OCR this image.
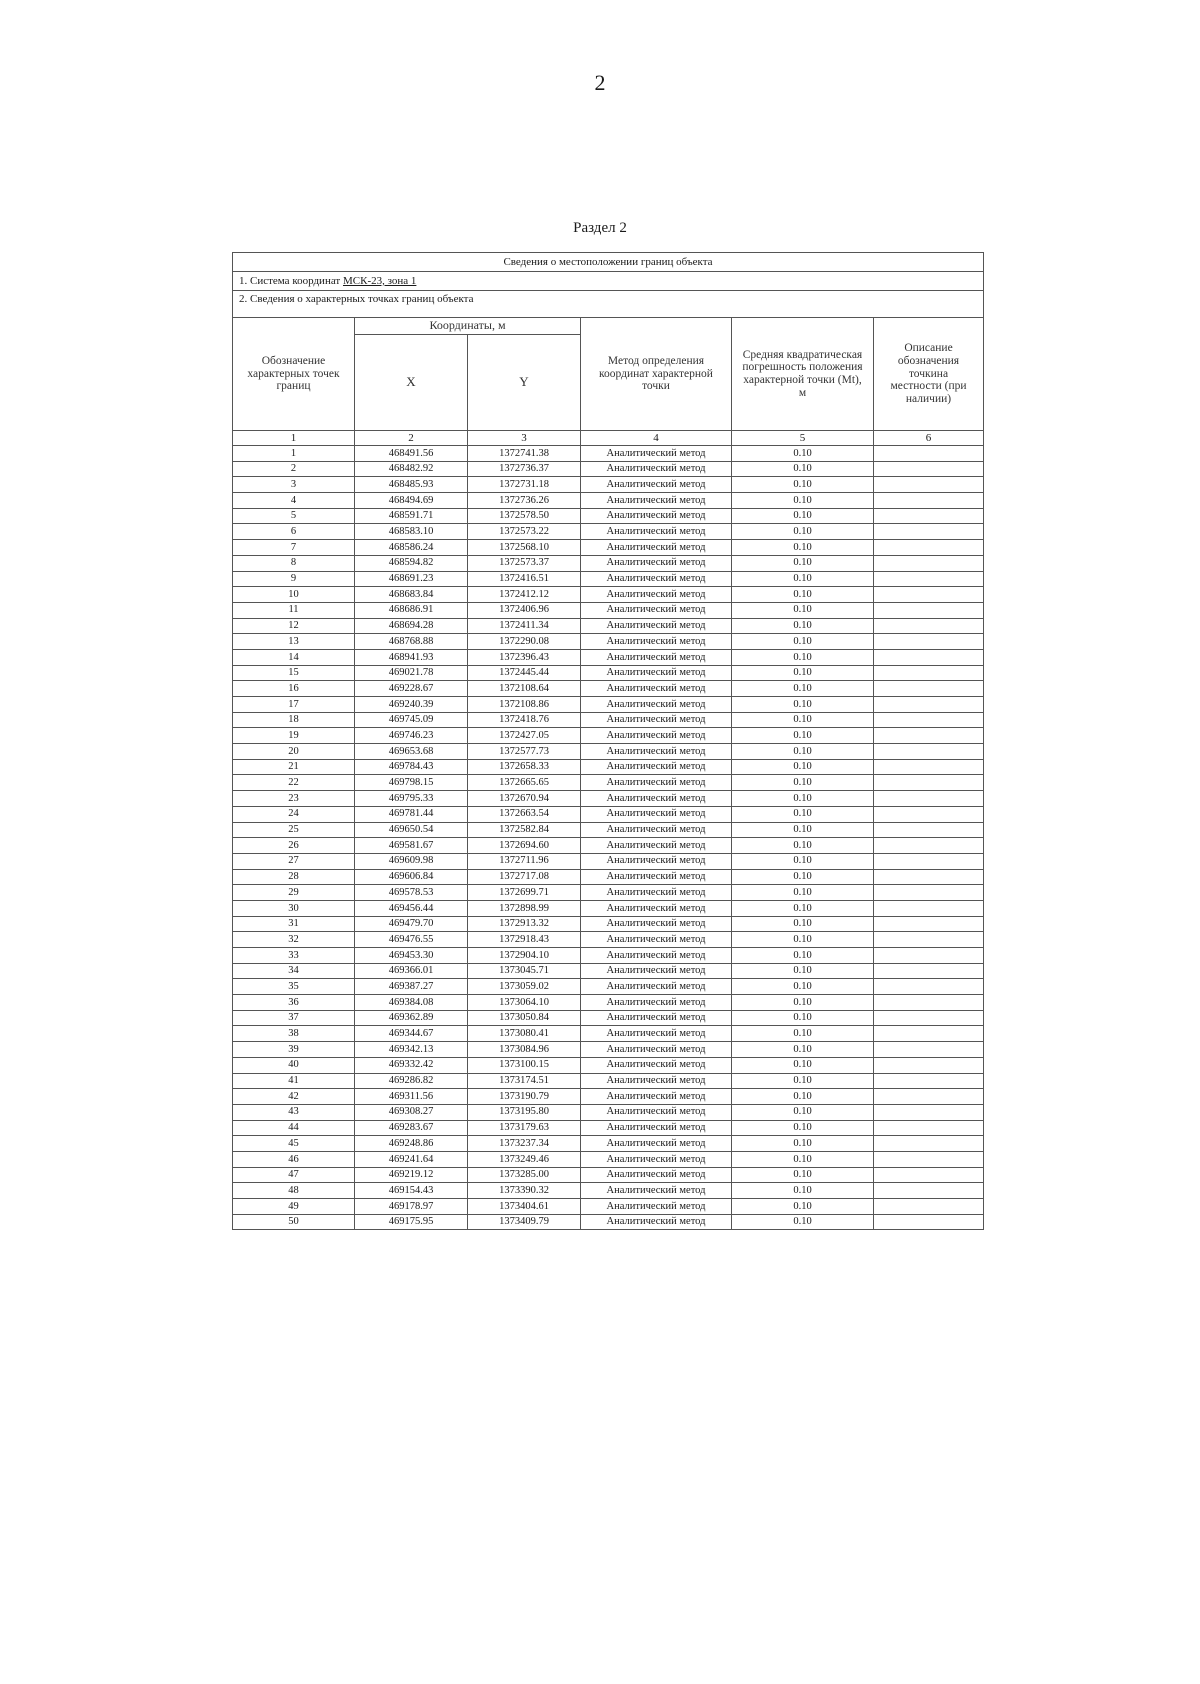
2
Раздел 2
Сведения о местоположении границ объекта					
1. Система координат МСК-23, зона 1					
2. Сведения о характерных точках границ объекта					
Обозначение характерных точек границ	Координаты, м		Метод определения координат характерной точки	Средняя квадратическая погрешность положения характерной точки (Mt), м	Описание обозначения точкина местности (при наличии)
	X	Y			
1	2	3	4	5	6
1	468491.56	1372741.38	Аналитический метод	0.10	
2	468482.92	1372736.37	Аналитический метод	0.10	
3	468485.93	1372731.18	Аналитический метод	0.10	
4	468494.69	1372736.26	Аналитический метод	0.10	
5	468591.71	1372578.50	Аналитический метод	0.10	
6	468583.10	1372573.22	Аналитический метод	0.10	
7	468586.24	1372568.10	Аналитический метод	0.10	
8	468594.82	1372573.37	Аналитический метод	0.10	
9	468691.23	1372416.51	Аналитический метод	0.10	
10	468683.84	1372412.12	Аналитический метод	0.10	
11	468686.91	1372406.96	Аналитический метод	0.10	
12	468694.28	1372411.34	Аналитический метод	0.10	
13	468768.88	1372290.08	Аналитический метод	0.10	
14	468941.93	1372396.43	Аналитический метод	0.10	
15	469021.78	1372445.44	Аналитический метод	0.10	
16	469228.67	1372108.64	Аналитический метод	0.10	
17	469240.39	1372108.86	Аналитический метод	0.10	
18	469745.09	1372418.76	Аналитический метод	0.10	
19	469746.23	1372427.05	Аналитический метод	0.10	
20	469653.68	1372577.73	Аналитический метод	0.10	
21	469784.43	1372658.33	Аналитический метод	0.10	
22	469798.15	1372665.65	Аналитический метод	0.10	
23	469795.33	1372670.94	Аналитический метод	0.10	
24	469781.44	1372663.54	Аналитический метод	0.10	
25	469650.54	1372582.84	Аналитический метод	0.10	
26	469581.67	1372694.60	Аналитический метод	0.10	
27	469609.98	1372711.96	Аналитический метод	0.10	
28	469606.84	1372717.08	Аналитический метод	0.10	
29	469578.53	1372699.71	Аналитический метод	0.10	
30	469456.44	1372898.99	Аналитический метод	0.10	
31	469479.70	1372913.32	Аналитический метод	0.10	
32	469476.55	1372918.43	Аналитический метод	0.10	
33	469453.30	1372904.10	Аналитический метод	0.10	
34	469366.01	1373045.71	Аналитический метод	0.10	
35	469387.27	1373059.02	Аналитический метод	0.10	
36	469384.08	1373064.10	Аналитический метод	0.10	
37	469362.89	1373050.84	Аналитический метод	0.10	
38	469344.67	1373080.41	Аналитический метод	0.10	
39	469342.13	1373084.96	Аналитический метод	0.10	
40	469332.42	1373100.15	Аналитический метод	0.10	
41	469286.82	1373174.51	Аналитический метод	0.10	
42	469311.56	1373190.79	Аналитический метод	0.10	
43	469308.27	1373195.80	Аналитический метод	0.10	
44	469283.67	1373179.63	Аналитический метод	0.10	
45	469248.86	1373237.34	Аналитический метод	0.10	
46	469241.64	1373249.46	Аналитический метод	0.10	
47	469219.12	1373285.00	Аналитический метод	0.10	
48	469154.43	1373390.32	Аналитический метод	0.10	
49	469178.97	1373404.61	Аналитический метод	0.10	
50	469175.95	1373409.79	Аналитический метод	0.10	
